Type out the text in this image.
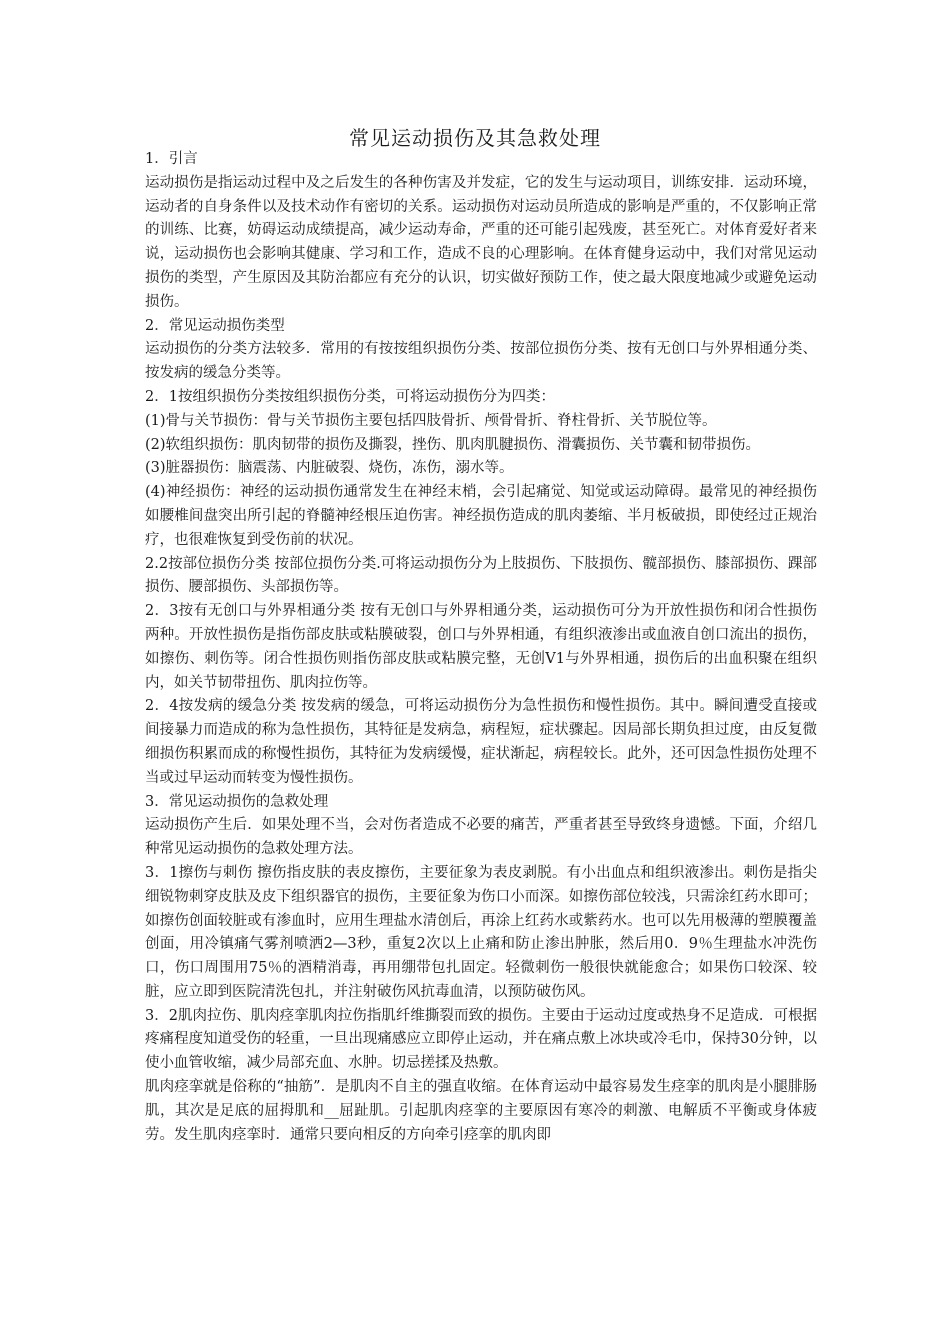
常见运动损伤及其急救处理

1．引言

运动损伤是指运动过程中及之后发生的各种伤害及并发症，它的发生与运动项目，训练安排．运动环境，运动者的自身条件以及技术动作有密切的关系。运动损伤对运动员所造成的影响是严重的，不仅影响正常的训练、比赛，妨碍运动成绩提高，减少运动寿命，严重的还可能引起残废，甚至死亡。对体育爱好者来说，运动损伤也会影响其健康、学习和工作，造成不良的心理影响。在体育健身运动中，我们对常见运动损伤的类型，产生原因及其防治都应有充分的认识，切实做好预防工作，使之最大限度地减少或避免运动损伤。

2．常见运动损伤类型

运动损伤的分类方法较多．常用的有按按组织损伤分类、按部位损伤分类、按有无创口与外界相通分类、按发病的缓急分类等。

2．1按组织损伤分类按组织损伤分类，可将运动损伤分为四类：

(1)骨与关节损伤：骨与关节损伤主要包括四肢骨折、颅骨骨折、脊柱骨折、关节脱位等。

(2)软组织损伤：肌肉韧带的损伤及撕裂，挫伤、肌肉肌腱损伤、滑囊损伤、关节囊和韧带损伤。

(3)脏器损伤：脑震荡、内脏破裂、烧伤，冻伤，溺水等。

(4)神经损伤：神经的运动损伤通常发生在神经末梢，会引起痛觉、知觉或运动障碍。最常见的神经损伤如腰椎间盘突出所引起的脊髓神经根压迫伤害。神经损伤造成的肌肉萎缩、半月板破损，即使经过正规治疗，也很难恢复到受伤前的状况。

2.2按部位损伤分类 按部位损伤分类.可将运动损伤分为上肢损伤、下肢损伤、髋部损伤、膝部损伤、踝部损伤、腰部损伤、头部损伤等。

2．3按有无创口与外界相通分类 按有无创口与外界相通分类，运动损伤可分为开放性损伤和闭合性损伤两种。开放性损伤是指伤部皮肤或粘膜破裂，创口与外界相通，有组织液渗出或血液自创口流出的损伤，如擦伤、刺伤等。闭合性损伤则指伤部皮肤或粘膜完整，无创V1与外界相通，损伤后的出血积聚在组织内，如关节韧带扭伤、肌肉拉伤等。

2．4按发病的缓急分类 按发病的缓急，可将运动损伤分为急性损伤和慢性损伤。其中。瞬间遭受直接或间接暴力而造成的称为急性损伤，其特征是发病急，病程短，症状骤起。因局部长期负担过度，由反复微细损伤积累而成的称慢性损伤，其特征为发病缓慢，症状渐起，病程较长。此外，还可因急性损伤处理不当或过早运动而转变为慢性损伤。

3．常见运动损伤的急救处理

运动损伤产生后．如果处理不当，会对伤者造成不必要的痛苦，严重者甚至导致终身遗憾。下面，介绍几种常见运动损伤的急救处理方法。

3．1擦伤与刺伤 擦伤指皮肤的表皮擦伤，主要征象为表皮剥脱。有小出血点和组织液渗出。刺伤是指尖细锐物刺穿皮肤及皮下组织器官的损伤，主要征象为伤口小而深。如擦伤部位较浅，只需涂红药水即可；如擦伤创面较脏或有渗血时，应用生理盐水清创后，再涂上红药水或紫药水。也可以先用极薄的塑膜覆盖创面，用冷镇痛气雾剂喷洒2—3秒，重复2次以上止痛和防止渗出肿胀，然后用0．9％生理盐水冲洗伤口，伤口周围用75％的酒精消毒，再用绷带包扎固定。轻微刺伤一般很快就能愈合；如果伤口较深、较脏，应立即到医院清洗包扎，并注射破伤风抗毒血清，以预防破伤风。

3．2肌肉拉伤、肌肉痉挛肌肉拉伤指肌纤维撕裂而致的损伤。主要由于运动过度或热身不足造成．可根据疼痛程度知道受伤的轻重，一旦出现痛感应立即停止运动，并在痛点敷上冰块或冷毛巾，保持30分钟，以使小血管收缩，减少局部充血、水肿。切忌搓揉及热敷。

肌肉痉挛就是俗称的“抽筋”．是肌肉不自主的强直收缩。在体育运动中最容易发生痉挛的肌肉是小腿腓肠肌，其次是足底的屈拇肌和__屈趾肌。引起肌肉痉挛的主要原因有寒冷的刺激、电解质不平衡或身体疲劳。发生肌肉痉挛时．通常只要向相反的方向牵引痉挛的肌肉即
